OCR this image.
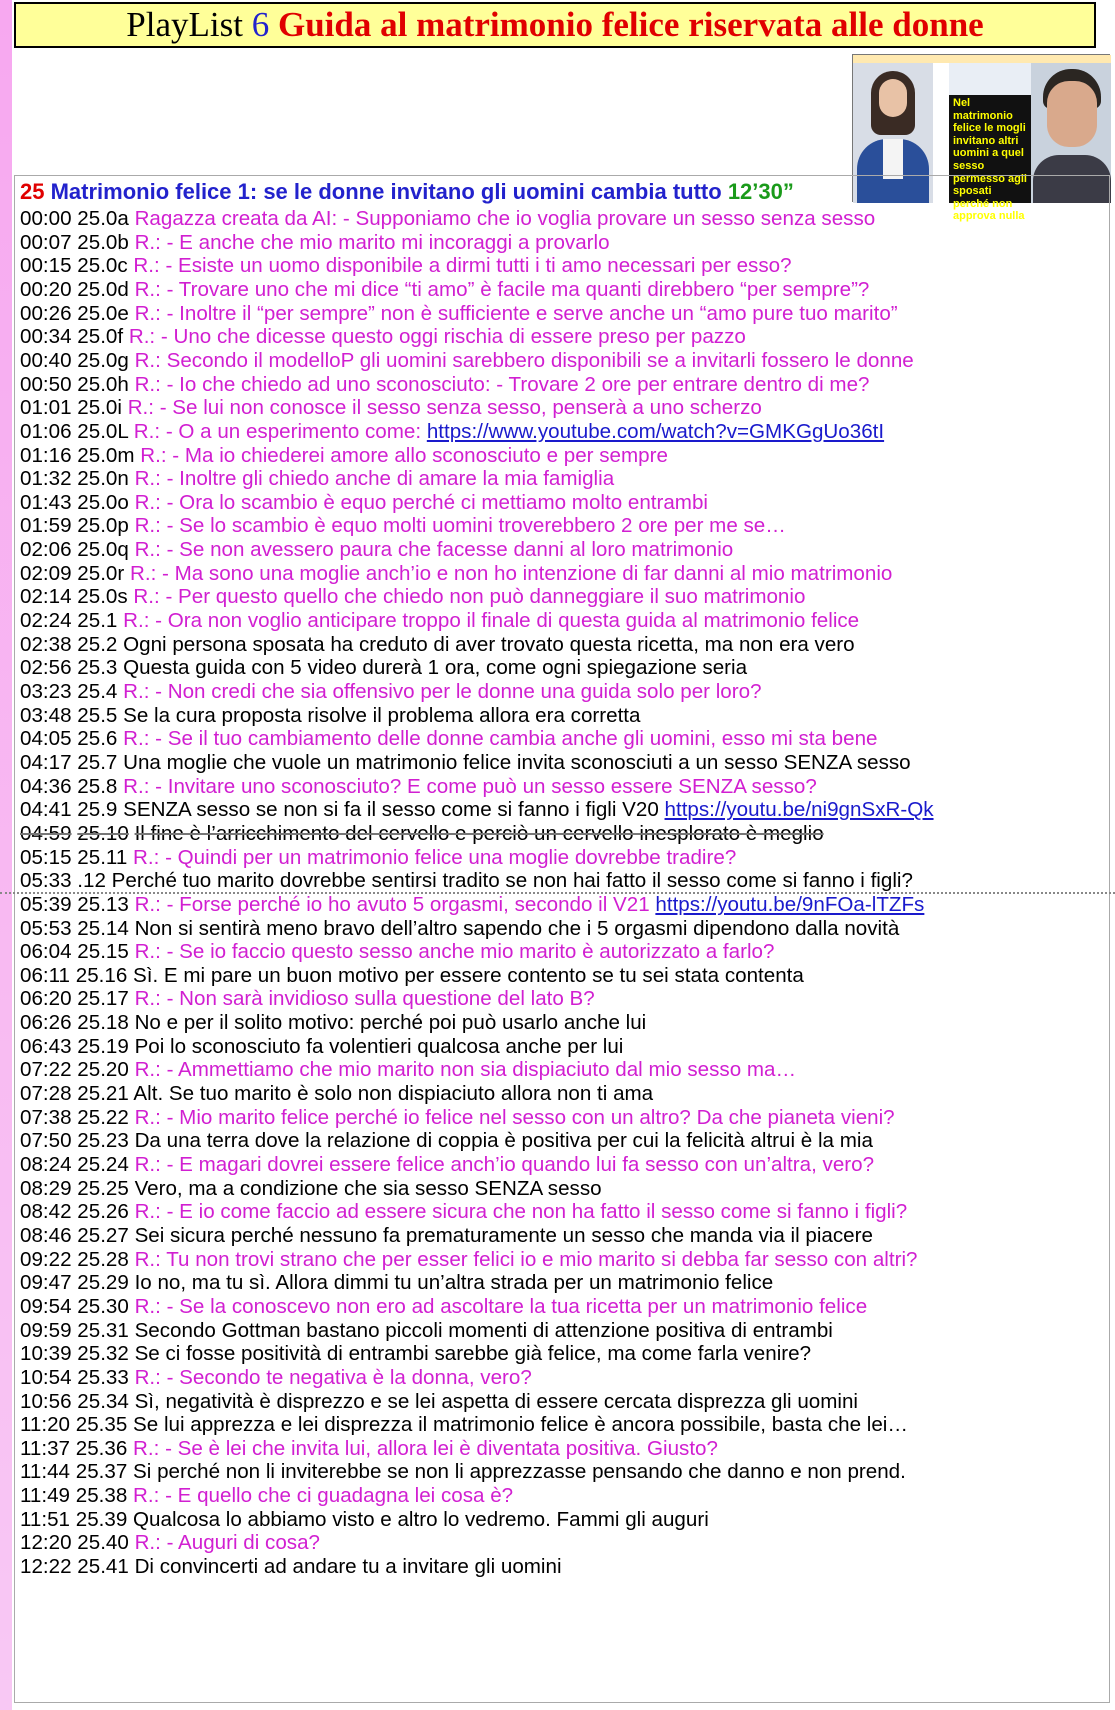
PlayList 6 Guida al matrimonio felice riservata alle donne
Nel matrimonio felice le mogli invitano altri uomini a quel sesso permesso agli sposati perché non approva nulla
25 Matrimonio felice 1: se le donne invitano gli uomini cambia tutto 12’30”
00:00 25.0a Ragazza creata da AI: - Supponiamo che io voglia provare un sesso senza sesso
00:07 25.0b R.: - E anche che mio marito mi incoraggi a provarlo
00:15 25.0c R.: - Esiste un uomo disponibile a dirmi tutti i ti amo necessari per esso?
00:20 25.0d R.: - Trovare uno che mi dice “ti amo” è facile ma quanti direbbero “per sempre”?
00:26 25.0e R.: - Inoltre il “per sempre” non è sufficiente e serve anche un “amo pure tuo marito”
00:34 25.0f R.: - Uno che dicesse questo oggi rischia di essere preso per pazzo
00:40 25.0g R.: Secondo il modelloP gli uomini sarebbero disponibili se a invitarli fossero le donne
00:50 25.0h R.: - Io che chiedo ad uno sconosciuto: - Trovare 2 ore per entrare dentro di me?
01:01 25.0i R.: - Se lui non conosce il sesso senza sesso, penserà a uno scherzo
01:06 25.0L R.: - O a un esperimento come: https://www.youtube.com/watch?v=GMKGgUo36tI
01:16 25.0m R.: - Ma io chiederei amore allo sconosciuto e per sempre
01:32 25.0n R.: - Inoltre gli chiedo anche di amare la mia famiglia
01:43 25.0o R.: - Ora lo scambio è equo perché ci mettiamo molto entrambi
01:59 25.0p R.: - Se lo scambio è equo molti uomini troverebbero 2 ore per me se…
02:06 25.0q R.: - Se non avessero paura che facesse danni al loro matrimonio
02:09 25.0r R.: - Ma sono una moglie anch’io e non ho intenzione di far danni al mio matrimonio
02:14 25.0s R.: - Per questo quello che chiedo non può danneggiare il suo matrimonio
02:24 25.1 R.: - Ora non voglio anticipare troppo il finale di questa guida al matrimonio felice
02:38 25.2 Ogni persona sposata ha creduto di aver trovato questa ricetta, ma non era vero
02:56 25.3 Questa guida con 5 video durerà 1 ora, come ogni spiegazione seria
03:23 25.4 R.: - Non credi che sia offensivo per le donne una guida solo per loro?
03:48 25.5 Se la cura proposta risolve il problema allora era corretta
04:05 25.6 R.: - Se il tuo cambiamento delle donne cambia anche gli uomini, esso mi sta bene
04:17 25.7 Una moglie che vuole un matrimonio felice invita sconosciuti a un sesso SENZA sesso
04:36 25.8 R.: - Invitare uno sconosciuto? E come può un sesso essere SENZA sesso?
04:41 25.9 SENZA sesso se non si fa il sesso come si fanno i figli V20 https://youtu.be/ni9gnSxR-Qk
04:59 25.10 Il fine è l’arricchimento del cervello e perciò un cervello inesplorato è meglio
05:15 25.11 R.: - Quindi per un matrimonio felice una moglie dovrebbe tradire?
05:33 .12 Perché tuo marito dovrebbe sentirsi tradito se non hai fatto il sesso come si fanno i figli?
05:39 25.13 R.: - Forse perché io ho avuto 5 orgasmi, secondo il V21 https://youtu.be/9nFOa-lTZFs
05:53 25.14 Non si sentirà meno bravo dell’altro sapendo che i 5 orgasmi dipendono dalla novità
06:04 25.15 R.: - Se io faccio questo sesso anche mio marito è autorizzato a farlo?
06:11 25.16 Sì. E mi pare un buon motivo per essere contento se tu sei stata contenta
06:20 25.17 R.: - Non sarà invidioso sulla questione del lato B?
06:26 25.18 No e per il solito motivo: perché poi può usarlo anche lui
06:43 25.19 Poi lo sconosciuto fa volentieri qualcosa anche per lui
07:22 25.20 R.: - Ammettiamo che mio marito non sia dispiaciuto dal mio sesso ma…
07:28 25.21 Alt. Se tuo marito è solo non dispiaciuto allora non ti ama
07:38 25.22 R.: - Mio marito felice perché io felice nel sesso con un altro? Da che pianeta vieni?
07:50 25.23 Da una terra dove la relazione di coppia è positiva per cui la felicità altrui è la mia
08:24 25.24 R.: - E magari dovrei essere felice anch’io quando lui fa sesso con un’altra, vero?
08:29 25.25 Vero, ma a condizione che sia sesso SENZA sesso
08:42 25.26 R.: - E io come faccio ad essere sicura che non ha fatto il sesso come si fanno i figli?
08:46 25.27 Sei sicura perché nessuno fa prematuramente un sesso che manda via il piacere
09:22 25.28 R.: Tu non trovi strano che per esser felici io e mio marito si debba far sesso con altri?
09:47 25.29 Io no, ma tu sì. Allora dimmi tu un’altra strada per un matrimonio felice
09:54 25.30 R.: - Se la conoscevo non ero ad ascoltare la tua ricetta per un matrimonio felice
09:59 25.31 Secondo Gottman bastano piccoli momenti di attenzione positiva di entrambi
10:39 25.32 Se ci fosse positività di entrambi sarebbe già felice, ma come farla venire?
10:54 25.33 R.: - Secondo te negativa è la donna, vero?
10:56 25.34 Sì, negatività è disprezzo e se lei aspetta di essere cercata disprezza gli uomini
11:20 25.35 Se lui apprezza e lei disprezza il matrimonio felice è ancora possibile, basta che lei…
11:37 25.36 R.: - Se è lei che invita lui, allora lei è diventata positiva. Giusto?
11:44 25.37 Si perché non li inviterebbe se non li apprezzasse pensando che danno e non prend.
11:49 25.38 R.: - E quello che ci guadagna lei cosa è?
11:51 25.39 Qualcosa lo abbiamo visto e altro lo vedremo. Fammi gli auguri
12:20 25.40 R.: - Auguri di cosa?
12:22 25.41 Di convincerti ad andare tu a invitare gli uomini
